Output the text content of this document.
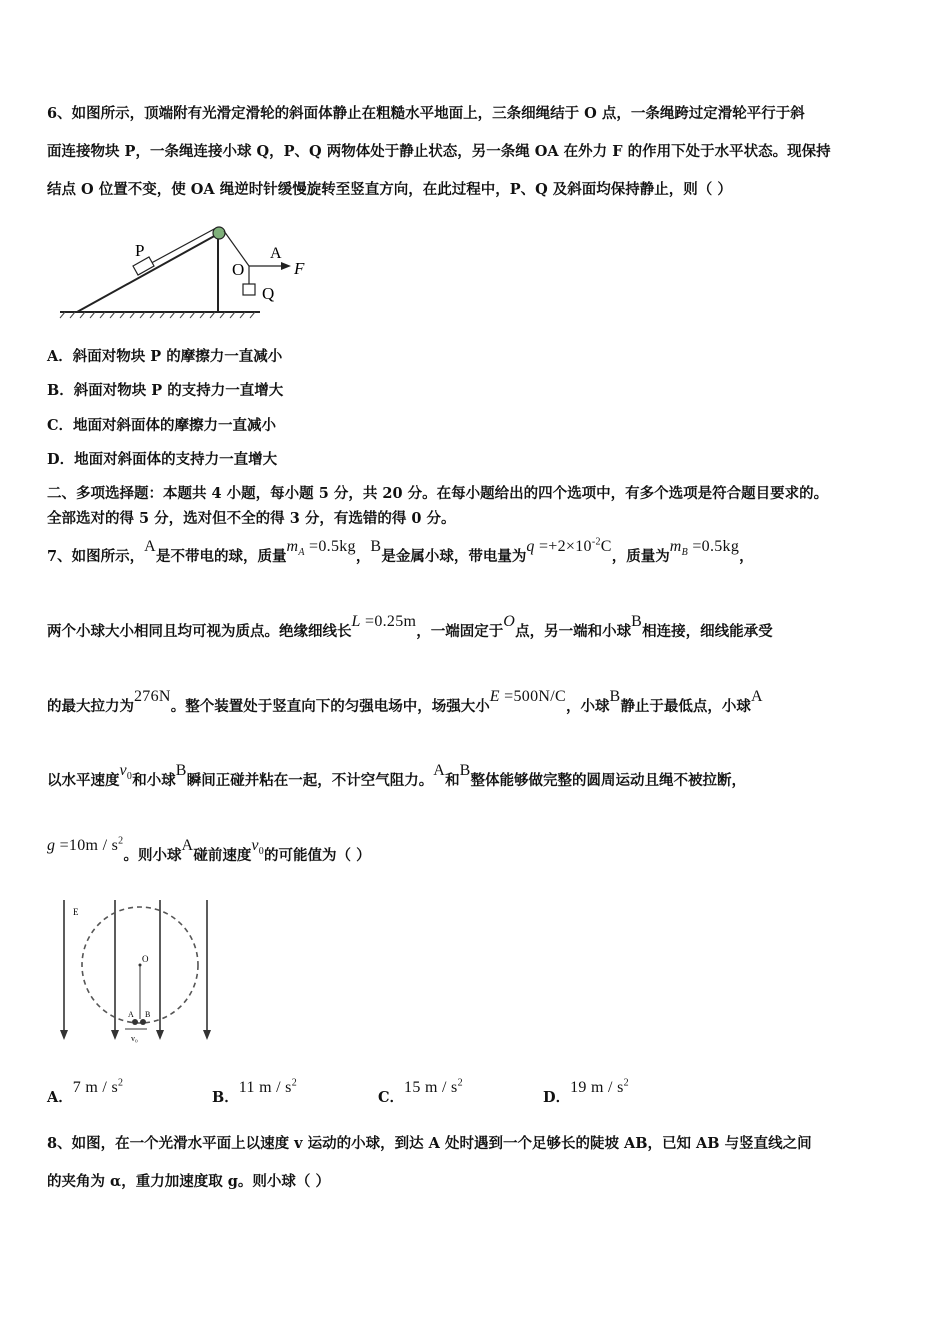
6、如图所示，顶端附有光滑定滑轮的斜面体静止在粗糙水平地面上，三条细绳结于 O 点，一条绳跨过定滑轮平行于斜
面连接物块 P，一条绳连接小球 Q，P、Q 两物体处于静止状态，另一条绳 OA 在外力 F 的作用下处于水平状态。现保持
结点 O 位置不变，使 OA 绳逆时针缓慢旋转至竖直方向，在此过程中，P、Q 及斜面均保持静止，则（ ）
P
O
A
F
Q
A．斜面对物块 P 的摩擦力一直减小
B．斜面对物块 P 的支持力一直增大
C．地面对斜面体的摩擦力一直减小
D．地面对斜面体的支持力一直增大
二、多项选择题：本题共 4 小题，每小题 5 分，共 20 分。在每小题给出的四个选项中，有多个选项是符合题目要求的。
全部选对的得 5 分，选对但不全的得 3 分，有选错的得 0 分。
7、如图所示，A是不带电的球，质量$m_A =0.5kg$，B是金属小球，带电量为$q =+2\times 10^{-2}C$，质量为$m_B =0.5kg$，
两个小球大小相同且均可视为质点。绝缘细线长L =0.25m，一端固定于O点，另一端和小球B相连接，细线能承受
的最大拉力为276N。整个装置处于竖直向下的匀强电场中，场强大小E =500N/C，小球B静止于最低点，小球A
以水平速度$v_0$和小球B瞬间正碰并粘在一起，不计空气阻力。A和B整体能够做完整的圆周运动且绳不被拉断，
$g =10m / s^2$。则小球A碰前速度$v_0$的可能值为（ ）
E
O
A B
v₀
A．7 m / $s^2$
B．11 m / $s^2$
C．15 m / $s^2$
D．19 m / $s^2$
8、如图，在一个光滑水平面上以速度 v 运动的小球，到达 A 处时遇到一个足够长的陡坡 AB，已知 AB 与竖直线之间
的夹角为 α，重力加速度取 g。则小球（ ）
